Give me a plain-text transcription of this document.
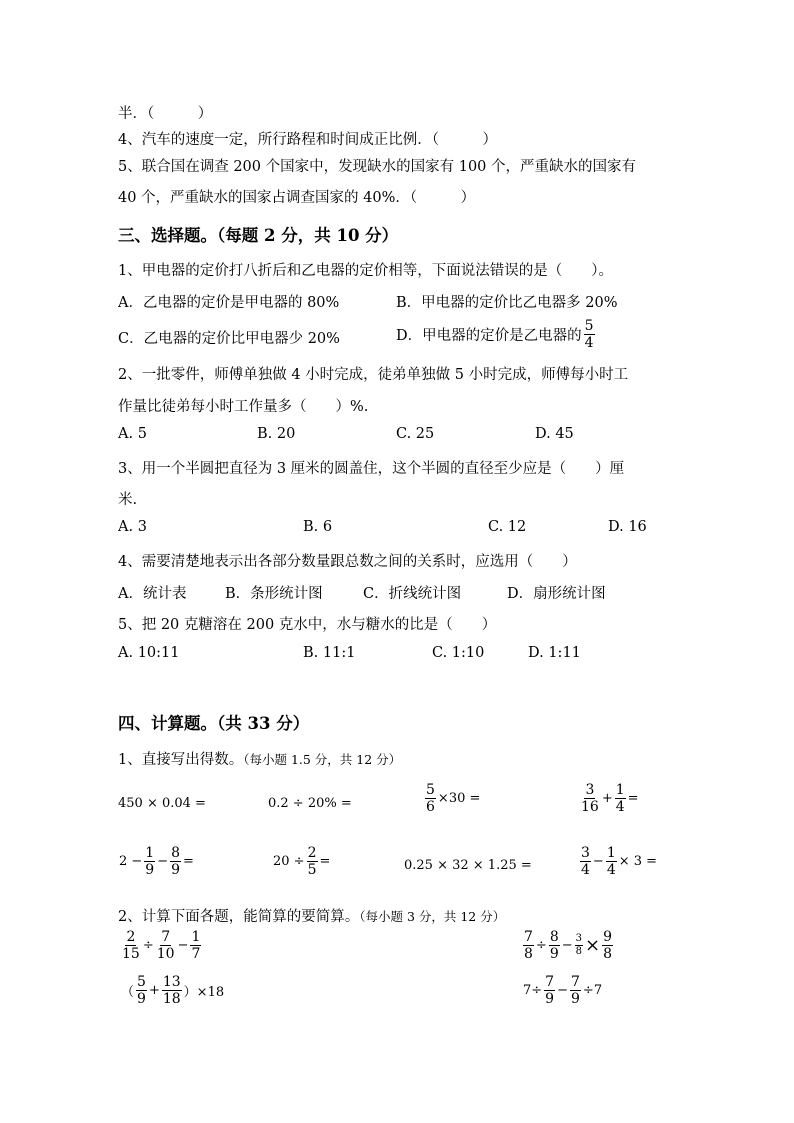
半．（　　　）
4、汽车的速度一定，所行路程和时间成正比例．（　　　）
5、联合国在调查 200 个国家中，发现缺水的国家有 100 个，严重缺水的国家有
40 个，严重缺水的国家占调查国家的 40%．（　　　）
三、选择题。（每题 2 分，共 10 分）
1、甲电器的定价打八折后和乙电器的定价相等，下面说法错误的是（　　）。
A．乙电器的定价是甲电器的 80%	B．甲电器的定价比乙电器多 20%
C．乙电器的定价比甲电器少 20%	D．甲电器的定价是乙电器的 $\frac{5}{4}$
2、一批零件，师傅单独做 4 小时完成，徒弟单独做 5 小时完成，师傅每小时工
作量比徒弟每小时工作量多（　　）%.
A. 5	B. 20	C. 25	D. 45
3、用一个半圆把直径为 3 厘米的圆盖住，这个半圆的直径至少应是（　　）厘
米.
A. 3	B. 6	C. 12	D. 16
4、需要清楚地表示出各部分数量跟总数之间的关系时，应选用（　　）
A．统计表	B．条形统计图	C．折线统计图	D．扇形统计图
5、把 20 克糖溶在 200 克水中，水与糖水的比是（　　）
A. 10:11	B. 11:1	C. 1:10	D. 1:11
四、计算题。（共 33 分）
1、直接写出得数。（每小题 1.5 分，共 12 分）
450 × 0.04 =	0.2 ÷ 20% =	$\frac{5}{6} \times 30$ =	$\frac{3}{16} + \frac{1}{4}$ =
$2 - \frac{1}{9} - \frac{8}{9}$ =	$20 \div \frac{2}{5}$ =	0.25 × 32 × 1.25 =	$\frac{3}{4} - \frac{1}{4} \times 3$ =
2、计算下面各题，能简算的要简算。（每小题 3 分，共 12 分）
$\frac{2}{15} \div \frac{7}{10} - \frac{1}{7}$	$\frac{7}{8} \div \frac{8}{9} - \frac{3}{8} \times \frac{9}{8}$
（ $\frac{5}{9} + \frac{13}{18} )\times 18$	$7\div \frac{7}{9} - \frac{7}{9} \div 7$
